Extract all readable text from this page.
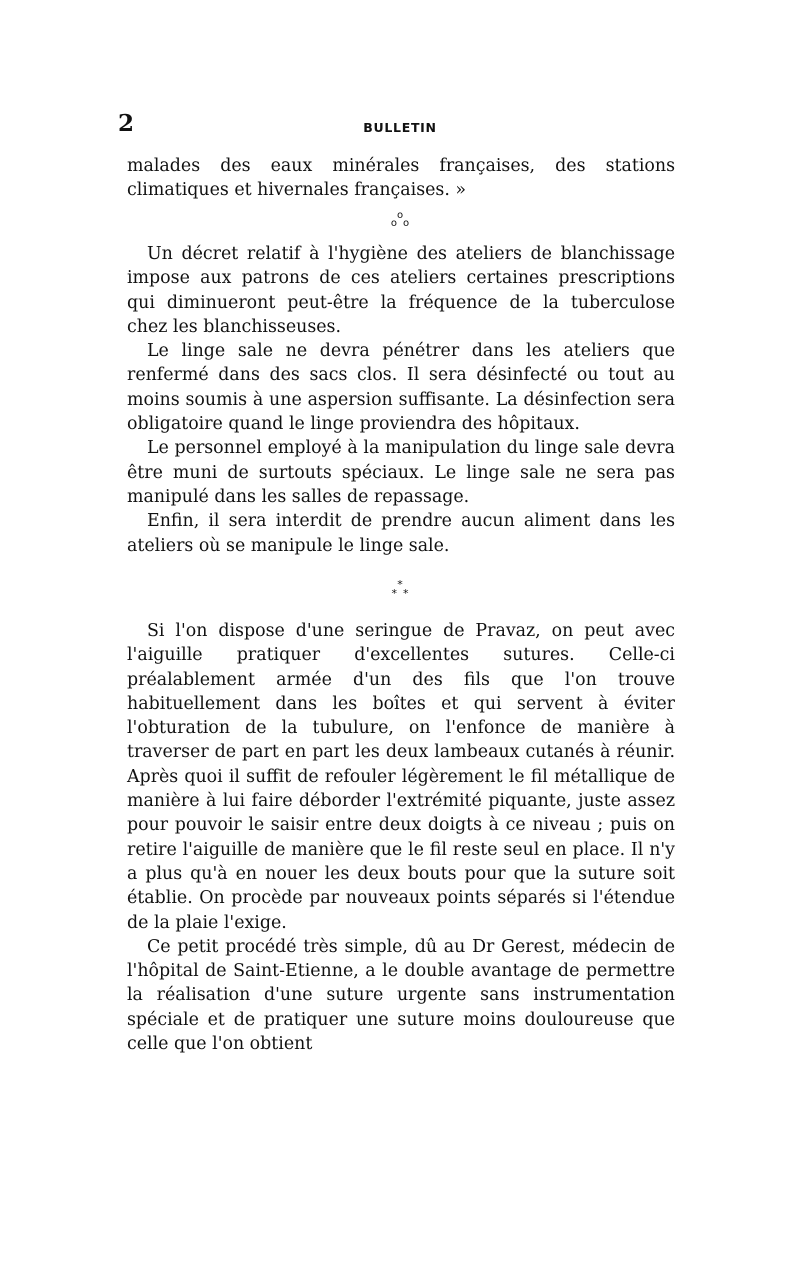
2	BULLETIN

malades des eaux minérales françaises, des stations climatiques et hivernales françaises. »

o
o o

Un décret relatif à l'hygiène des ateliers de blanchissage impose aux patrons de ces ateliers certaines prescriptions qui diminueront peut-être la fréquence de la tuberculose chez les blanchisseuses.

Le linge sale ne devra pénétrer dans les ateliers que renfermé dans des sacs clos. Il sera désinfecté ou tout au moins soumis à une aspersion suffisante. La désinfection sera obligatoire quand le linge proviendra des hôpitaux.

Le personnel employé à la manipulation du linge sale devra être muni de surtouts spéciaux. Le linge sale ne sera pas manipulé dans les salles de repassage.

Enfin, il sera interdit de prendre aucun aliment dans les ateliers où se manipule le linge sale.

*
* *

Si l'on dispose d'une seringue de Pravaz, on peut avec l'aiguille pratiquer d'excellentes sutures. Celle-ci préalablement armée d'un des fils que l'on trouve habituellement dans les boîtes et qui servent à éviter l'obturation de la tubulure, on l'enfonce de manière à traverser de part en part les deux lambeaux cutanés à réunir. Après quoi il suffit de refouler légèrement le fil métallique de manière à lui faire déborder l'extrémité piquante, juste assez pour pouvoir le saisir entre deux doigts à ce niveau ; puis on retire l'aiguille de manière que le fil reste seul en place. Il n'y a plus qu'à en nouer les deux bouts pour que la suture soit établie. On procède par nouveaux points séparés si l'étendue de la plaie l'exige.

Ce petit procédé très simple, dû au Dr Gerest, médecin de l'hôpital de Saint-Etienne, a le double avantage de permettre la réalisation d'une suture urgente sans instrumentation spéciale et de pratiquer une suture moins douloureuse que celle que l'on obtient
